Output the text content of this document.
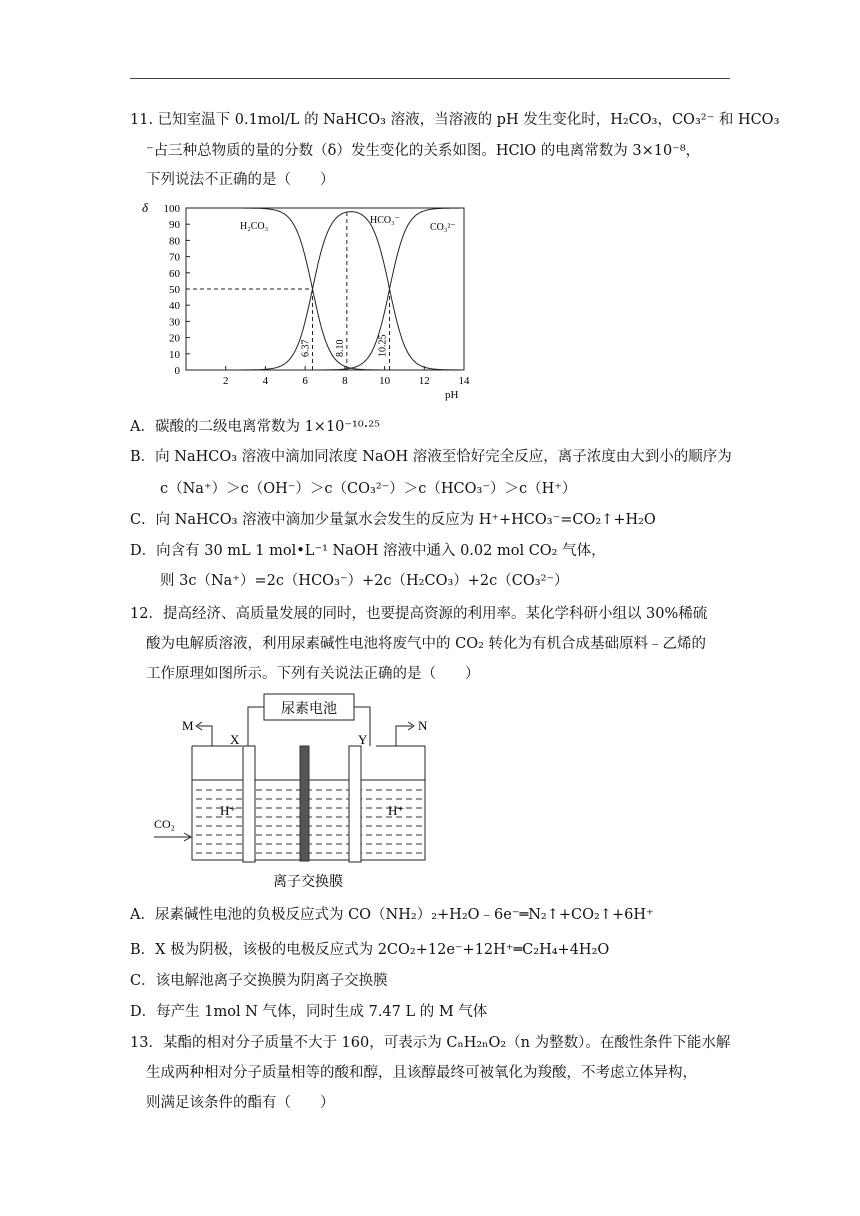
11. 已知室温下 0.1mol/L 的 NaHCO₃ 溶液，当溶液的 pH 发生变化时，H₂CO₃，CO₃²⁻ 和 HCO₃
⁻占三种总物质的量的分数（δ）发生变化的关系如图。HClO 的电离常数为 3×10⁻⁸，
下列说法不正确的是（　　）
δ
pH
100
90
80
70
60
50
40
30
20
10
0
2	4	6	8	10	12	14
6.37 8.10	10.25
H₂CO₃
HCO₃⁻
CO₃²⁻
A．碳酸的二级电离常数为 1×10⁻¹⁰·²⁵
B．向 NaHCO₃ 溶液中滴加同浓度 NaOH 溶液至恰好完全反应，离子浓度由大到小的顺序为
c（Na⁺）＞c（OH⁻）＞c（CO₃²⁻）＞c（HCO₃⁻）＞c（H⁺）
C．向 NaHCO₃ 溶液中滴加少量氯水会发生的反应为 H⁺+HCO₃⁻=CO₂↑+H₂O
D．向含有 30 mL 1 mol•L⁻¹ NaOH 溶液中通入 0.02 mol CO₂ 气体，
则 3c（Na⁺）=2c（HCO₃⁻）+2c（H₂CO₃）+2c（CO₃²⁻）
12．提高经济、高质量发展的同时，也要提高资源的利用率。某化学科研小组以 30%稀硫
酸为电解质溶液，利用尿素碱性电池将废气中的 CO₂ 转化为有机合成基础原料﹣乙烯的
工作原理如图所示。下列有关说法正确的是（　　）
尿素电池
M	N
X	Y
H⁺	H⁺
CO₂
离子交换膜
A．尿素碱性电池的负极反应式为 CO（NH₂）₂+H₂O﹣6e⁻═N₂↑+CO₂↑+6H⁺
B．X 极为阴极，该极的电极反应式为 2CO₂+12e⁻+12H⁺═C₂H₄+4H₂O
C．该电解池离子交换膜为阴离子交换膜
D．每产生 1mol N 气体，同时生成 7.47 L 的 M 气体
13．某酯的相对分子质量不大于 160，可表示为 CₙH₂ₙO₂（n 为整数）。在酸性条件下能水解
生成两种相对分子质量相等的酸和醇，且该醇最终可被氧化为羧酸，不考虑立体异构，
则满足该条件的酯有（　　）
